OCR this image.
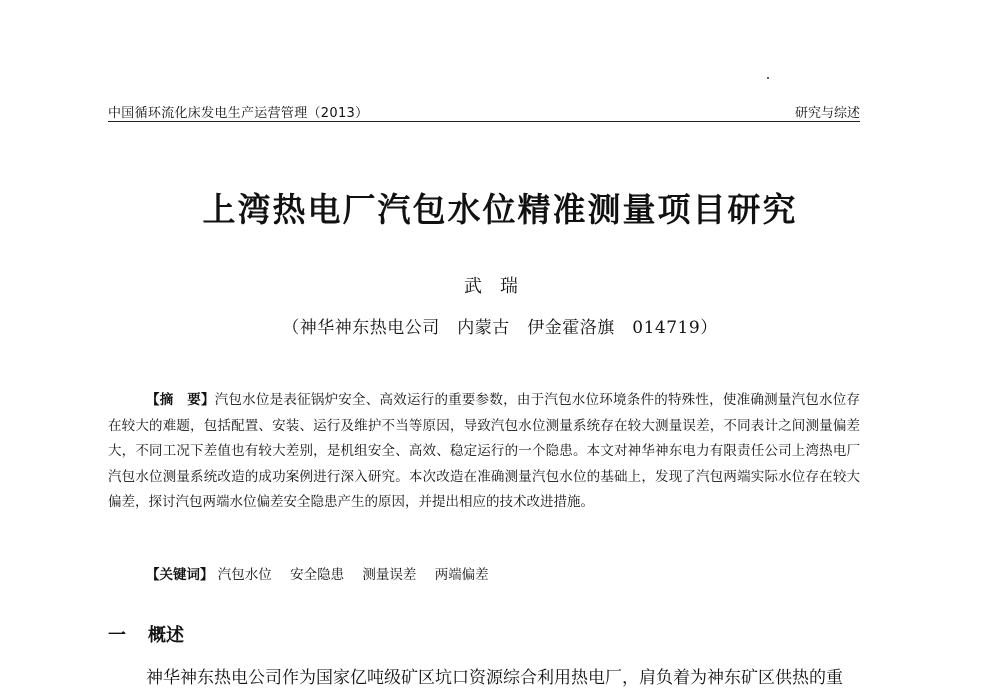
中国循环流化床发电生产运营管理（2013）	研究与综述
上湾热电厂汽包水位精准测量项目研究
武瑞
（神华神东热电公司　内蒙古　伊金霍洛旗　014719）

【摘　要】汽包水位是表征锅炉安全、高效运行的重要参数，由于汽包水位环境条件的特殊性，使准确测量汽包水位存在较大的难题，包括配置、安装、运行及维护不当等原因，导致汽包水位测量系统存在较大测量误差，不同表计之间测量偏差大，不同工况下差值也有较大差别，是机组安全、高效、稳定运行的一个隐患。本文对神华神东电力有限责任公司上湾热电厂汽包水位测量系统改造的成功案例进行深入研究。本次改造在准确测量汽包水位的基础上，发现了汽包两端实际水位存在较大偏差，探讨汽包两端水位偏差安全隐患产生的原因，并提出相应的技术改进措施。

【关键词】 汽包水位 安全隐患 测量误差 两端偏差
一 概述
神华神东热电公司作为国家亿吨级矿区坑口资源综合利用热电厂，肩负着为神东矿区供热的重
